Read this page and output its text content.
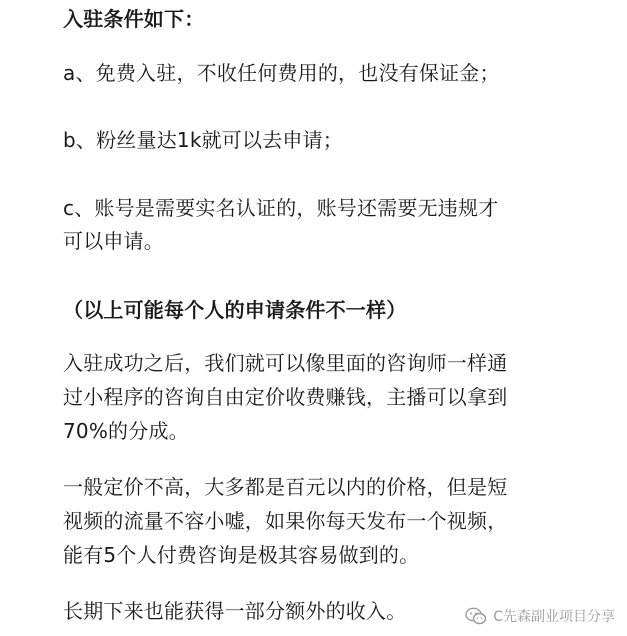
入驻条件如下：
a、免费入驻，不收任何费用的，也没有保证金；
b、粉丝量达1k就可以去申请；
c、账号是需要实名认证的，账号还需要无违规才
可以申请。
（以上可能每个人的申请条件不一样）
入驻成功之后，我们就可以像里面的咨询师一样通
过小程序的咨询自由定价收费赚钱，主播可以拿到
70%的分成。
一般定价不高，大多都是百元以内的价格，但是短
视频的流量不容小嘘，如果你每天发布一个视频，
能有5个人付费咨询是极其容易做到的。
长期下来也能获得一部分额外的收入。	C先森副业项目分享
